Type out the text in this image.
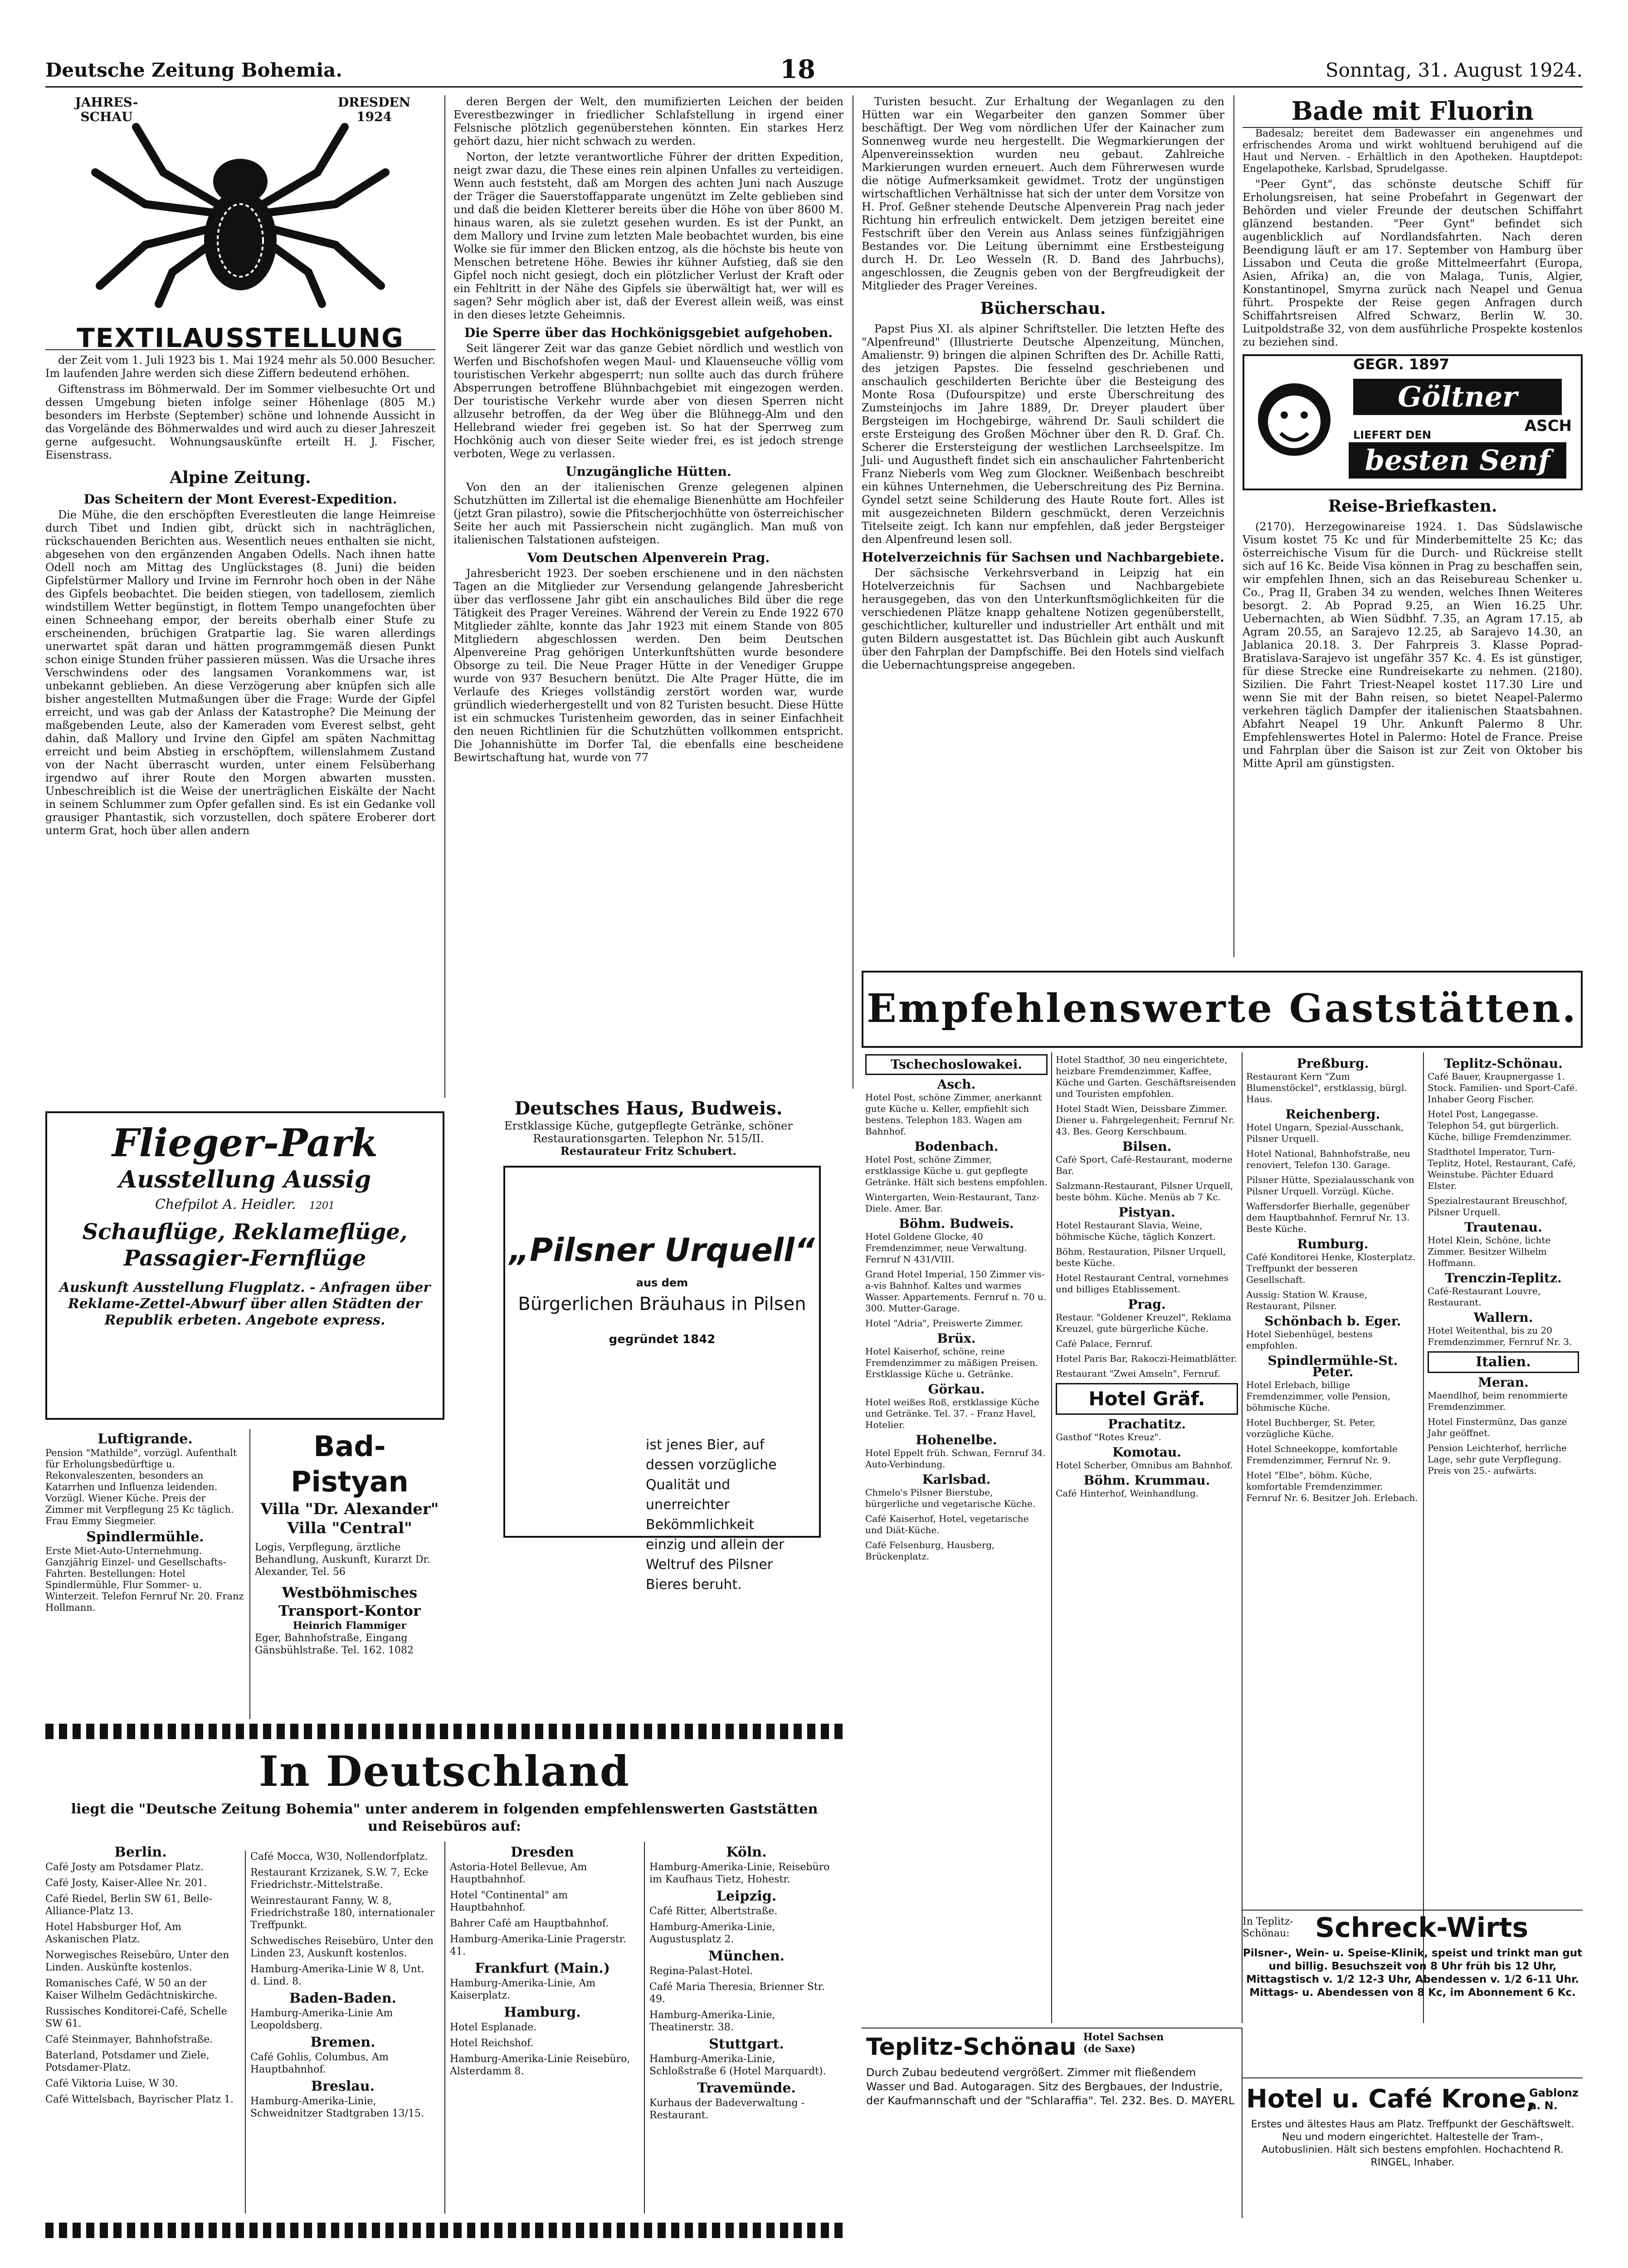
Deutsche Zeitung Bohemia.	18	Sonntag, 31. August 1924.
JAHRES- SCHAU
DRESDEN 1924
TEXTILAUSSTELLUNG

der Zeit vom 1. Juli 1923 bis 1. Mai 1924 mehr als 50.000 Besucher. Im laufenden Jahre werden sich diese Ziffern bedeutend erhöhen.

Giftenstrass im Böhmerwald. Der im Sommer vielbesuchte Ort und dessen Umgebung bieten infolge seiner Höhenlage (805 M.) besonders im Herbste (September) schöne und lohnende Aussicht in das Vorgelände des Böhmerwaldes und wird auch zu dieser Jahreszeit gerne aufgesucht. Wohnungsauskünfte erteilt H. J. Fischer, Eisenstrass.

Alpine Zeitung.
Das Scheitern der Mont Everest-Expedition.

Die Mühe, die den erschöpften Everestleuten die lange Heimreise durch Tibet und Indien gibt, drückt sich in nachträglichen, rückschauenden Berichten aus. Wesentlich neues enthalten sie nicht, abgesehen von den ergänzenden Angaben Odells. Nach ihnen hatte Odell noch am Mittag des Unglückstages (8. Juni) die beiden Gipfelstürmer Mallory und Irvine im Fernrohr hoch oben in der Nähe des Gipfels beobachtet. Die beiden stiegen, von tadellosem, ziemlich windstillem Wetter begünstigt, in flottem Tempo unangefochten über einen Schneehang empor, der bereits oberhalb einer Stufe zu erscheinenden, brüchigen Gratpartie lag. Sie waren allerdings unerwartet spät daran und hätten programmgemäß diesen Punkt schon einige Stunden früher passieren müssen. Was die Ursache ihres Verschwindens oder des langsamen Vorankommens war, ist unbekannt geblieben. An diese Verzögerung aber knüpfen sich alle bisher angestellten Mutmaßungen über die Frage: Wurde der Gipfel erreicht, und was gab der Anlass der Katastrophe? Die Meinung der maßgebenden Leute, also der Kameraden vom Everest selbst, geht dahin, daß Mallory und Irvine den Gipfel am späten Nachmittag erreicht und beim Abstieg in erschöpftem, willenslahmem Zustand von der Nacht überrascht wurden, unter einem Felsüberhang irgendwo auf ihrer Route den Morgen abwarten mussten. Unbeschreiblich ist die Weise der unerträglichen Eiskälte der Nacht in seinem Schlummer zum Opfer gefallen sind. Es ist ein Gedanke voll grausiger Phantastik, sich vorzustellen, doch spätere Eroberer dort unterm Grat, hoch über allen andern

deren Bergen der Welt, den mumifizierten Leichen der beiden Everestbezwinger in friedlicher Schlafstellung in irgend einer Felsnische plötzlich gegenüberstehen könnten. Ein starkes Herz gehört dazu, hier nicht schwach zu werden.

Norton, der letzte verantwortliche Führer der dritten Expedition, neigt zwar dazu, die These eines rein alpinen Unfalles zu verteidigen. Wenn auch feststeht, daß am Morgen des achten Juni nach Auszuge der Träger die Sauerstoffapparate ungenützt im Zelte geblieben sind und daß die beiden Kletterer bereits über die Höhe von über 8600 M. hinaus waren, als sie zuletzt gesehen wurden. Es ist der Punkt, an dem Mallory und Irvine zum letzten Male beobachtet wurden, bis eine Wolke sie für immer den Blicken entzog, als die höchste bis heute von Menschen betretene Höhe. Bewies ihr kühner Aufstieg, daß sie den Gipfel noch nicht gesiegt, doch ein plötzlicher Verlust der Kraft oder ein Fehltritt in der Nähe des Gipfels sie überwältigt hat, wer will es sagen? Sehr möglich aber ist, daß der Everest allein weiß, was einst in den dieses letzte Geheimnis.

Die Sperre über das Hochkönigsgebiet aufgehoben.

Seit längerer Zeit war das ganze Gebiet nördlich und westlich von Werfen und Bischofshofen wegen Maul- und Klauenseuche völlig vom touristischen Verkehr abgesperrt; nun sollte auch das durch frühere Absperrungen betroffene Blühnbachgebiet mit eingezogen werden. Der touristische Verkehr wurde aber von diesen Sperren nicht allzusehr betroffen, da der Weg über die Blühnegg-Alm und den Hellebrand wieder frei gegeben ist. So hat der Sperrweg zum Hochkönig auch von dieser Seite wieder frei, es ist jedoch strenge verboten, Wege zu verlassen.

Unzugängliche Hütten.

Von den an der italienischen Grenze gelegenen alpinen Schutzhütten im Zillertal ist die ehemalige Bienenhütte am Hochfeiler (jetzt Gran pilastro), sowie die Pfitscherjochhütte von österreichischer Seite her auch mit Passierschein nicht zugänglich. Man muß von italienischen Talstationen aufsteigen.

Vom Deutschen Alpenverein Prag.

Jahresbericht 1923. Der soeben erschienene und in den nächsten Tagen an die Mitglieder zur Versendung gelangende Jahresbericht über das verflossene Jahr gibt ein anschauliches Bild über die rege Tätigkeit des Prager Vereines. Während der Verein zu Ende 1922 670 Mitglieder zählte, konnte das Jahr 1923 mit einem Stande von 805 Mitgliedern abgeschlossen werden. Den beim Deutschen Alpenvereine Prag gehörigen Unterkunftshütten wurde besondere Obsorge zu teil. Die Neue Prager Hütte in der Venediger Gruppe wurde von 937 Besuchern benützt. Die Alte Prager Hütte, die im Verlaufe des Krieges vollständig zerstört worden war, wurde gründlich wiederhergestellt und von 82 Turisten besucht. Diese Hütte ist ein schmuckes Turistenheim geworden, das in seiner Einfachheit den neuen Richtlinien für die Schutzhütten vollkommen entspricht. Die Johannishütte im Dorfer Tal, die ebenfalls eine bescheidene Bewirtschaftung hat, wurde von 77

Turisten besucht. Zur Erhaltung der Weganlagen zu den Hütten war ein Wegarbeiter den ganzen Sommer über beschäftigt. Der Weg vom nördlichen Ufer der Kainacher zum Sonnenweg wurde neu hergestellt. Die Wegmarkierungen der Alpenvereinssektion wurden neu gebaut. Zahlreiche Markierungen wurden erneuert. Auch dem Führerwesen wurde die nötige Aufmerksamkeit gewidmet. Trotz der ungünstigen wirtschaftlichen Verhältnisse hat sich der unter dem Vorsitze von H. Prof. Geßner stehende Deutsche Alpenverein Prag nach jeder Richtung hin erfreulich entwickelt. Dem jetzigen bereitet eine Festschrift über den Verein aus Anlass seines fünfzigjährigen Bestandes vor. Die Leitung übernimmt eine Erstbesteigung durch H. Dr. Leo Wesseln (R. D. Band des Jahrbuchs), angeschlossen, die Zeugnis geben von der Bergfreudigkeit der Mitglieder des Prager Vereines.

Bücherschau.

Papst Pius XI. als alpiner Schriftsteller. Die letzten Hefte des "Alpenfreund" (Illustrierte Deutsche Alpenzeitung, München, Amalienstr. 9) bringen die alpinen Schriften des Dr. Achille Ratti, des jetzigen Papstes. Die fesselnd geschriebenen und anschaulich geschilderten Berichte über die Besteigung des Monte Rosa (Dufourspitze) und erste Überschreitung des Zumsteinjochs im Jahre 1889, Dr. Dreyer plaudert über Bergsteigen im Hochgebirge, während Dr. Sauli schildert die erste Ersteigung des Großen Möchner über den R. D. Graf. Ch. Scherer die Erstersteigung der westlichen Larchseelspitze. Im Juli- und Augustheft findet sich ein anschaulicher Fahrtenbericht Franz Nieberls vom Weg zum Glockner. Weißenbach beschreibt ein kühnes Unternehmen, die Ueberschreitung des Piz Bernina. Gyndel setzt seine Schilderung des Haute Route fort. Alles ist mit ausgezeichneten Bildern geschmückt, deren Verzeichnis Titelseite zeigt. Ich kann nur empfehlen, daß jeder Bergsteiger den Alpenfreund lesen soll.

Hotelverzeichnis für Sachsen und Nachbargebiete.

Der sächsische Verkehrsverband in Leipzig hat ein Hotelverzeichnis für Sachsen und Nachbargebiete herausgegeben, das von den Unterkunftsmöglichkeiten für die verschiedenen Plätze knapp gehaltene Notizen gegenüberstellt, geschichtlicher, kultureller und industrieller Art enthält und mit guten Bildern ausgestattet ist. Das Büchlein gibt auch Auskunft über den Fahrplan der Dampfschiffe. Bei den Hotels sind vielfach die Uebernachtungspreise angegeben.

Bade mit Fluorin

Badesalz; bereitet dem Badewasser ein angenehmes und erfrischendes Aroma und wirkt wohltuend beruhigend auf die Haut und Nerven. - Erhältlich in den Apotheken. Hauptdepot: Engelapotheke, Karlsbad, Sprudelgasse.

"Peer Gynt", das schönste deutsche Schiff für Erholungsreisen, hat seine Probefahrt in Gegenwart der Behörden und vieler Freunde der deutschen Schiffahrt glänzend bestanden. "Peer Gynt" befindet sich augenblicklich auf Nordlandsfahrten. Nach deren Beendigung läuft er am 17. September von Hamburg über Lissabon und Ceuta die große Mittelmeerfahrt (Europa, Asien, Afrika) an, die von Malaga, Tunis, Algier, Konstantinopel, Smyrna zurück nach Neapel und Genua führt. Prospekte der Reise gegen Anfragen durch Schiffahrtsreisen Alfred Schwarz, Berlin W. 30. Luitpoldstraße 32, von dem ausführliche Prospekte kostenlos zu beziehen sind.

GEGR. 1897
Göltner
ASCH
LIEFERT DEN
besten Senf
Reise-Briefkasten.

(2170). Herzegowinareise 1924. 1. Das Südslawische Visum kostet 75 Kc und für Minderbemittelte 25 Kc; das österreichische Visum für die Durch- und Rückreise stellt sich auf 16 Kc. Beide Visa können in Prag zu beschaffen sein, wir empfehlen Ihnen, sich an das Reisebureau Schenker u. Co., Prag II, Graben 34 zu wenden, welches Ihnen Weiteres besorgt. 2. Ab Poprad 9.25, an Wien 16.25 Uhr. Uebernachten, ab Wien Südbhf. 7.35, an Agram 17.15, ab Agram 20.55, an Sarajevo 12.25, ab Sarajevo 14.30, an Jablanica 20.18. 3. Der Fahrpreis 3. Klasse Poprad-Bratislava-Sarajevo ist ungefähr 357 Kc. 4. Es ist günstiger, für diese Strecke eine Rundreisekarte zu nehmen. (2180). Sizilien. Die Fahrt Triest-Neapel kostet 117.30 Lire und wenn Sie mit der Bahn reisen, so bietet Neapel-Palermo verkehren täglich Dampfer der italienischen Staatsbahnen. Abfahrt Neapel 19 Uhr. Ankunft Palermo 8 Uhr. Empfehlenswertes Hotel in Palermo: Hotel de France. Preise und Fahrplan über die Saison ist zur Zeit von Oktober bis Mitte April am günstigsten.

Flieger-Park
Ausstellung Aussig
Chefpilot A. Heidler. 1201
Schauflüge, Reklameflüge, Passagier-Fernflüge
Auskunft Ausstellung Flugplatz. - Anfragen über Reklame-Zettel-Abwurf über allen Städten der Republik erbeten. Angebote express.
Deutsches Haus, Budweis.
Erstklassige Küche, gutgepflegte Getränke, schöner Restaurationsgarten. Telephon Nr. 515/II.
Restaurateur Fritz Schubert.
„Pilsner Urquell“
aus dem
Bürgerlichen Bräuhaus in Pilsen
gegründet 1842
ist jenes Bier, auf dessen vorzügliche Qualität und unerreichter Bekömmlichkeit einzig und allein der Weltruf des Pilsner Bieres beruht.
Luftigrande.
Pension "Mathilde", vorzügl. Aufenthalt für Erholungsbedürftige u. Rekonvaleszenten, besonders an Katarrhen und Influenza leidenden. Vorzügl. Wiener Küche. Preis der Zimmer mit Verpflegung 25 Kc täglich. Frau Emmy Siegmeier.
Spindlermühle.
Erste Miet-Auto-Unternehmung. Ganzjährig Einzel- und Gesellschafts-Fahrten. Bestellungen: Hotel Spindlermühle, Flur Sommer- u. Winterzeit. Telefon Fernruf Nr. 20. Franz Hollmann.
Bad-Pistyan
Villa "Dr. Alexander"
Villa "Central"
Logis, Verpflegung, ärztliche Behandlung, Auskunft, Kurarzt Dr. Alexander, Tel. 56
Westböhmisches Transport-Kontor
Heinrich Flammiger
Eger, Bahnhofstraße, Eingang Gänsbühlstraße. Tel. 162. 1082
In Deutschland
liegt die "Deutsche Zeitung Bohemia" unter anderem in folgenden empfehlenswerten Gaststätten und Reisebüros auf:
Berlin.
Café Josty am Potsdamer Platz.
Café Josty, Kaiser-Allee Nr. 201.
Café Riedel, Berlin SW 61, Belle-Alliance-Platz 13.
Hotel Habsburger Hof, Am Askanischen Platz.
Norwegisches Reisebüro, Unter den Linden. Auskünfte kostenlos.
Romanisches Café, W 50 an der Kaiser Wilhelm Gedächtniskirche.
Russisches Konditorei-Café, Schelle SW 61.
Café Steinmayer, Bahnhofstraße.
Baterland, Potsdamer und Ziele, Potsdamer-Platz.
Café Viktoria Luise, W 30.
Café Wittelsbach, Bayrischer Platz 1.
Café Mocca, W30, Nollendorfplatz.
Restaurant Krzizanek, S.W. 7, Ecke Friedrichstr.-Mittelstraße.
Weinrestaurant Fanny, W. 8, Friedrichstraße 180, internationaler Treffpunkt.
Schwedisches Reisebüro, Unter den Linden 23, Auskunft kostenlos.
Hamburg-Amerika-Linie W 8, Unt. d. Lind. 8.
Baden-Baden.
Hamburg-Amerika-Linie Am Leopoldsberg.
Bremen.
Café Gohlis, Columbus, Am Hauptbahnhof.
Breslau.
Hamburg-Amerika-Linie, Schweidnitzer Stadtgraben 13/15.
Dresden
Astoria-Hotel Bellevue, Am Hauptbahnhof.
Hotel "Continental" am Hauptbahnhof.
Bahrer Café am Hauptbahnhof.
Hamburg-Amerika-Linie Pragerstr. 41.
Frankfurt (Main.)
Hamburg-Amerika-Linie, Am Kaiserplatz.
Hamburg.
Hotel Esplanade.
Hotel Reichshof.
Hamburg-Amerika-Linie Reisebüro, Alsterdamm 8.
Köln.
Hamburg-Amerika-Linie, Reisebüro im Kaufhaus Tietz, Hohestr.
Leipzig.
Café Ritter, Albertstraße.
Hamburg-Amerika-Linie, Augustusplatz 2.
München.
Regina-Palast-Hotel.
Café Maria Theresia, Brienner Str. 49.
Hamburg-Amerika-Linie, Theatinerstr. 38.
Stuttgart.
Hamburg-Amerika-Linie, Schloßstraße 6 (Hotel Marquardt).
Travemünde.
Kurhaus der Badeverwaltung - Restaurant.
Empfehlenswerte Gaststätten.
Tschechoslowakei.
Asch.
Hotel Post, schöne Zimmer, anerkannt gute Küche u. Keller, empfiehlt sich bestens. Telephon 183. Wagen am Bahnhof.
Bodenbach.
Hotel Post, schöne Zimmer, erstklassige Küche u. gut gepflegte Getränke. Hält sich bestens empfohlen.
Wintergarten, Wein-Restaurant, Tanz-Diele. Amer. Bar.
Böhm. Budweis.
Hotel Goldene Glocke, 40 Fremdenzimmer, neue Verwaltung. Fernruf N 431/VIII.
Grand Hotel Imperial, 150 Zimmer vis-a-vis Bahnhof. Kaltes und warmes Wasser. Appartements. Fernruf n. 70 u. 300. Mutter-Garage.
Hotel "Adria", Preiswerte Zimmer.
Brüx.
Hotel Kaiserhof, schöne, reine Fremdenzimmer zu mäßigen Preisen. Erstklassige Küche u. Getränke.
Görkau.
Hotel weißes Roß, erstklassige Küche und Getränke. Tel. 37. - Franz Havel, Hotelier.
Hohenelbe.
Hotel Eppelt früh. Schwan, Fernruf 34. Auto-Verbindung.
Karlsbad.
Chmelo's Pilsner Bierstube, bürgerliche und vegetarische Küche.
Café Kaiserhof, Hotel, vegetarische und Diät-Küche.
Café Felsenburg, Hausberg, Brückenplatz.
Hotel Stadthof, 30 neu eingerichtete, heizbare Fremdenzimmer, Kaffee, Küche und Garten. Geschäftsreisenden und Touristen empfohlen.
Hotel Stadt Wien, Deissbare Zimmer. Diener u. Fahrgelegenheit; Fernruf Nr. 43. Bes. Georg Kerschbaum.
Bilsen.
Café Sport, Café-Restaurant, moderne Bar.
Salzmann-Restaurant, Pilsner Urquell, beste böhm. Küche. Menüs ab 7 Kc.
Pistyan.
Hotel Restaurant Slavia, Weine, böhmische Küche, täglich Konzert.
Böhm. Restauration, Pilsner Urquell, beste Küche.
Hotel Restaurant Central, vornehmes und billiges Etablissement.
Prag.
Restaur. "Goldener Kreuzel", Reklama Kreuzel, gute bürgerliche Küche.
Café Palace, Fernruf.
Hotel Paris Bar, Rakoczi-Heimatblätter.
Restaurant "Zwei Amseln", Fernruf.
Hotel Gräf.
Prachatitz.
Gasthof "Rotes Kreuz".
Komotau.
Hotel Scherber, Omnibus am Bahnhof.
Böhm. Krummau.
Café Hinterhof, Weinhandlung.
Preßburg.
Restaurant Kern "Zum Blumenstöckel", erstklassig, bürgl. Haus.
Reichenberg.
Hotel Ungarn, Spezial-Ausschank, Pilsner Urquell.
Hotel National, Bahnhofstraße, neu renoviert, Telefon 130. Garage.
Pilsner Hütte, Spezialausschank von Pilsner Urquell. Vorzügl. Küche.
Waffersdorfer Bierhalle, gegenüber dem Hauptbahnhof. Fernruf Nr. 13. Beste Küche.
Rumburg.
Café Konditorei Henke, Klosterplatz. Treffpunkt der besseren Gesellschaft.
Aussig: Station W. Krause, Restaurant, Pilsner.
Schönbach b. Eger.
Hotel Siebenhügel, bestens empfohlen.
Spindlermühle-St. Peter.
Hotel Erlebach, billige Fremdenzimmer, volle Pension, böhmische Küche.
Hotel Buchberger, St. Peter, vorzügliche Küche.
Hotel Schneekoppe, komfortable Fremdenzimmer, Fernruf Nr. 9.
Hotel "Elbe", böhm. Küche, komfortable Fremdenzimmer. Fernruf Nr. 6. Besitzer Joh. Erlebach.
Teplitz-Schönau.
Café Bauer, Kraupnergasse 1. Stock. Familien- und Sport-Café. Inhaber Georg Fischer.
Hotel Post, Langegasse. Telephon 54, gut bürgerlich. Küche, billige Fremdenzimmer.
Stadthotel Imperator, Turn-Teplitz, Hotel, Restaurant, Café, Weinstube. Pächter Eduard Elster.
Spezialrestaurant Breuschhof, Pilsner Urquell.
Trautenau.
Hotel Klein, Schöne, lichte Zimmer. Besitzer Wilhelm Hoffmann.
Trenczin-Teplitz.
Café-Restaurant Louvre, Restaurant.
Wallern.
Hotel Weitenthal, bis zu 20 Fremdenzimmer, Fernruf Nr. 3.
Italien.
Meran.
Maendlhof, beim renommierte Fremdenzimmer.
Hotel Finstermünz, Das ganze Jahr geöffnet.
Pension Leichterhof, herrliche Lage, sehr gute Verpflegung. Preis von 25.- aufwärts.
In Teplitz-Schönau: Schreck-Wirts
Pilsner-, Wein- u. Speise-Klinik, speist und trinkt man gut und billig. Besuchszeit von 8 Uhr früh bis 12 Uhr, Mittagstisch v. 1/2 12-3 Uhr, Abendessen v. 1/2 6-11 Uhr. Mittags- u. Abendessen von 8 Kc, im Abonnement 6 Kc.
Teplitz-Schönau Hotel Sachsen (de Saxe)
Durch Zubau bedeutend vergrößert. Zimmer mit fließendem Wasser und Bad. Autogaragen. Sitz des Bergbaues, der Industrie, der Kaufmannschaft und der "Schlaraffia". Tel. 232. Bes. D. MAYERL Hotel u. Café Krone,
Gablonz a. N.
Erstes und ältestes Haus am Platz. Treffpunkt der Geschäftswelt. Neu und modern eingerichtet. Haltestelle der Tram-, Autobuslinien. Hält sich bestens empfohlen. Hochachtend R. RINGEL, Inhaber.
